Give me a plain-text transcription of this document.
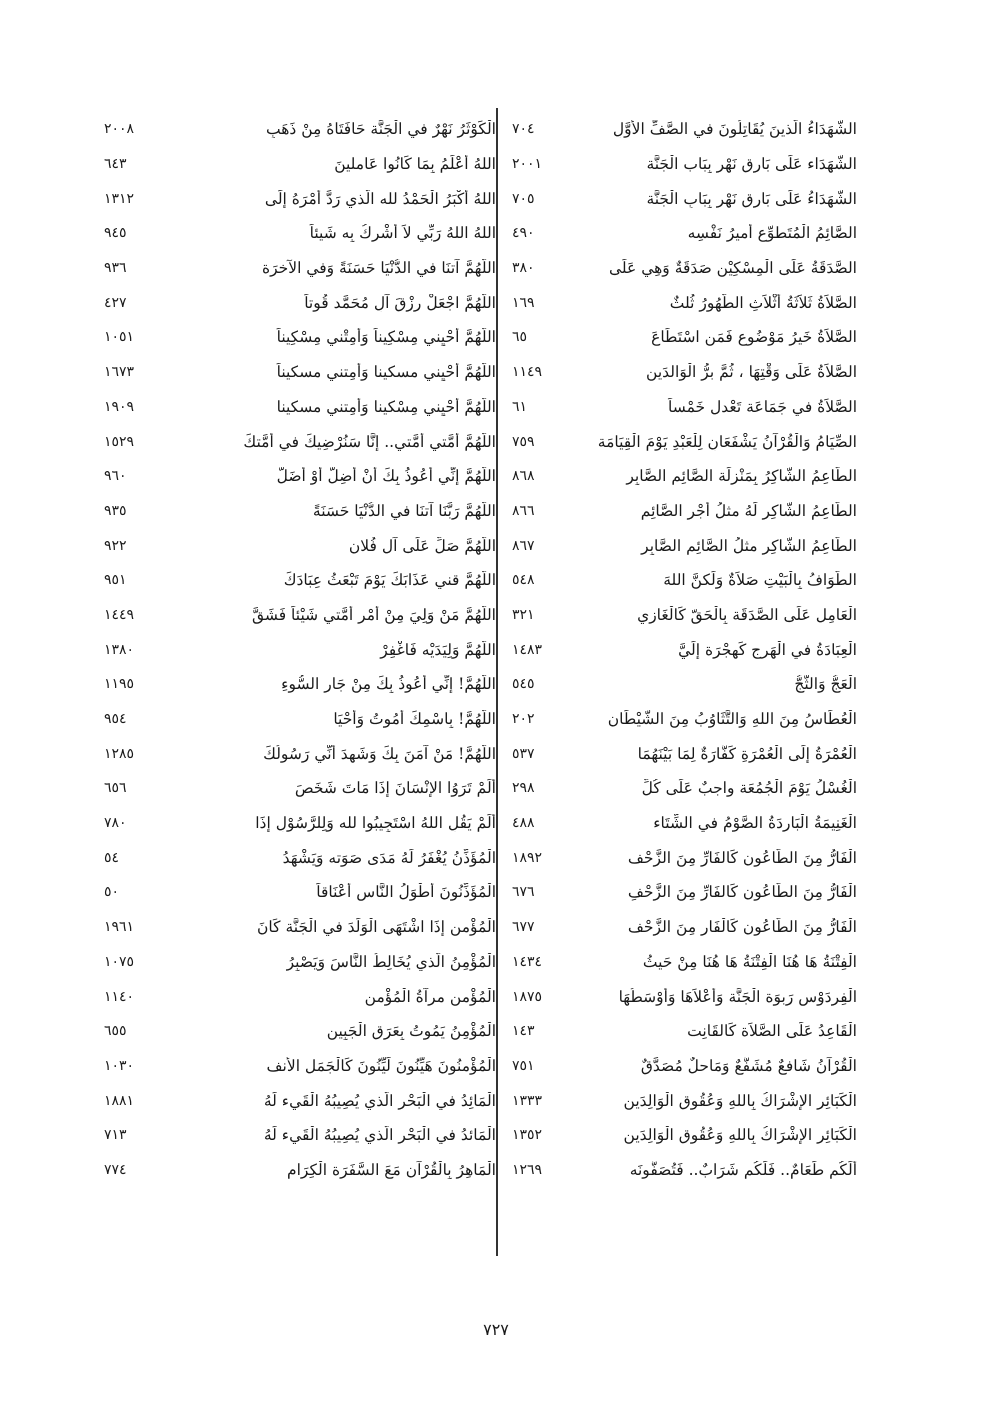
الشُّهَدَاءُ الَّذينَ يُقَاتِلُونَ في الصَّفِّ الأوَّلِ
٧٠٤
الشُّهَدَاء عَلَى بَارِق نَهْر بِبَاب الْجَنَّة
٢٠٠١
الشُّهَدَاءُ عَلَى بَارِق نَهْر بِبَابِ الْجَنَّة
٧٠٥
الصَّائِمُ الْمُتَطوِّعِ أَميرُ نَفْسِه
٤٩٠
الصَّدَقَةُ عَلَى الْمِسْكِيْنِ صَدَقَةٌ وَهِي عَلَى
٣٨٠
الصَّلاَةُ ثَلاَثَةُ أَثْلاَثِ الطُّهُورُ ثُلثٌ
١٦٩
الصَّلاَةُ خَيرُ مَوْضُوعٍ فَمَنِ اسْتَطَاعَ
٦٥
الصَّلاَةُ عَلَى وَقْتِهَا ، ثُمَّ برُّ الْوَالدَين
١١٤٩
الصَّلاَةُ في جَمَاعَة تَعْدل خَمْساً
٦١
الصِّيَامُ وَالْقُرْآنُ يَشْفَعَانِ لِلْعَبْدِ يَوْمَ الْقِيَامَة
٧٥٩
الطَّاعِمُ الشَّاكِرُ بِمَنْزِلَة الصَّائِم الصَّابِرِ
٨٦٨
الطَّاعِمُ الشَّاكِر لَهُ مثلُ أَجْر الصَّائِم
٨٦٦
الطَّاعِمُ الشَّاكِر مثلُ الصَّائِم الصَّابِر
٨٦٧
الطَّوَافُ بِالْبَيْتِ صَلاَةٌ وَلَكنَّ اللهَ
٥٤٨
الْعَامِل عَلَى الصَّدَقَة بِالْحَقّ كَالْغَازِي
٣٢١
الْعِبَادَةُ في الْهَرجِ كَهِجْرَة إِلَيَّ
١٤٨٣
الْعَجُّ وَالثَّجُّ
٥٤٥
الْعُطَاسُ مِنَ اللهِ وَالتَّثَاوُبُ مِنَ الشَّيْطَان
٢٠٢
الْعُمْرَةُ إِلَى الْعُمْرَةِ كَفَّارَةٌ لِمَا بَيْنَهُمَا
٥٣٧
الْغُسْلُ يَوْمَ الْجُمُعَة واجبٌ عَلَى كُلِّ
٢٩٨
الْغَنِيمَةُ الْبَارِدَةُ الصَّوْمُ في الشِّتَاء
٤٨٨
الْفَارُّ مِنَ الطَّاعُون كَالفَارِّ مِنَ الزَّحْف
١٨٩٢
الْفَارُّ مِنَ الطَّاعُون كَالفَارِّ مِنَ الزَّحْفِ
٦٧٦
الْفَارُّ مِنَ الطَّاعُون كَالْفَار مِنَ الزَّحْف
٦٧٧
الْفِتْنَةُ هَا هُنَا الْفِتْنَةُ هَا هُنَا مِنْ حَيثُ
١٤٣٤
الْفِردَوْس رَبوَة الْجَنَّة وَأَعْلاَهَا وَأَوْسَطُهَا
١٨٧٥
الْقَاعِدُ عَلَى الصَّلاَة كَالقَانِت
١٤٣
الْقُرْآنُ شَافعٌ مُشَفَّعٌ وَمَاحلٌ مُصَدَّقٌ
٧٥١
الْكَبَائِر الإِشْرَاكُ بِاللهِ وَعُقُوق الْوَالِدَين
١٣٣٣
الْكَبَائِر الإِشْرَاكُ بِاللهِ وَعُقُوق الْوَالِدَين
١٣٥٢
أَلَكُم طَعَامٌ.. فَلَكُم شَرَابٌ.. فَتُصَفُّونَه
١٢٦٩
الْكَوْثَرُ نَهْرٌ في الْجَنَّة حَافَتَاهُ مِنْ ذَهَبٍ
٢٠٠٨
اللهُ أَعْلَمُ بِمَا كَانُوا عَاملينَ
٦٤٣
اللهُ أَكْبَرُ الْحَمْدُ لله الَّذي رَدَّ أَمْرَهُ إِلَى
١٣١٢
اللهُ اللهُ رَبِّي لاَ أُشْرِكُ بِه شَيئاً
٩٤٥
اللَّهُمَّ آتنَا في الدُّنْيَا حَسَنَةً وَفي الآخرَة
٩٣٦
اللَّهُمَّ اجْعَلْ رِزْقَ آلِ مُحَمَّد قُوتاً
٤٢٧
اللَّهُمَّ أَحْيِني مِسْكِيناً وَأَمِتْني مِسْكِيناً
١٠٥١
اللَّهُمَّ أَحْيِني مسكينا وَأَمِتني مسكيناً
١٦٧٣
اللَّهُمَّ أَحْيِني مِسْكينا وَأَمِتني مسكينا
١٩٠٩
اللَّهُمَّ أُمَّتي أُمَّتي.. إنَّا سَنُرْضِيكَ في أُمَّتكَ
١٥٢٩
اللَّهُمَّ إِنِّي أَعُوذُ بِكَ أَنْ أَضِلَّ أَوْ أُضَلَّ
٩٦٠
اللَّهُمَّ رَبَّنَا آتنَا في الدُّنْيَا حَسَنَةً
٩٣٥
اللَّهُمَّ صَلِّ عَلَى آل فُلان
٩٢٢
اللَّهُمَّ قني عَذَابَكَ يَوْمَ تَبْعَثُ عِبَادَكَ
٩٥١
اللَّهُمَّ مَنْ وَلِيَ مِنْ أَمْرِ أُمَّتي شَيْئاً فَشَقَّ
١٤٤٩
اللَّهُمَّ وَلِيَدَيْه فَاغْفِرْ
١٣٨٠
اللَّهُمَّ! إِنِّي أَعُوذُ بِكَ مِنْ جَارِ السُّوءِ
١١٩٥
اللَّهُمَّ! بِاسْمِكَ أَمُوتُ وَأَحْيَا
٩٥٤
اللَّهُمَّ! مَنْ آمَنَ بِكَ وَشَهِدَ أَنِّي رَسُولُكَ
١٢٨٥
أَلَمْ تَرَوُا الإِنْسَانَ إِذَا مَاتَ شَخَصَ
٦٥٦
أَلَمْ يَقُلِ اللهُ اسْتَجِيبُوا لله وَلِلرَّسُوْلِ إذَا
٧٨٠
الْمُؤَذِّنُ يُغْفَرُ لَهُ مَدَى صَوَته وَيَشْهَدُ
٥٤
الْمُؤَذِّنُونَ أَطْوَلُ النَّاسِ أَعْنَاقاً
٥٠
الْمُؤْمن إذَا اشْتَهَى الْوَلَدَ في الْجَنَّة كَانَ
١٩٦١
الْمُؤْمِنُ الَّذي يُخَالِطُ النَّاسَ وَيَصْبِرُ
١٠٧٥
الْمُؤْمن مرآةُ الْمُؤْمن
١١٤٠
الْمُؤْمِنُ يَمُوتُ بِعَرَق الْجَبِين
٦٥٥
الْمُؤْمنُونَ هَيِّنُونَ لَيِّنُونَ كَالْجَمَل الأَنف
١٠٣٠
الْمَائِدُ في الْبَحْرِ الَّذي يُصِيبُهُ الْقَيء لَهُ
١٨٨١
الْمَائدُ في الْبَحْرِ الَّذي يُصِيبُهُ الْقَيء لَهُ
٧١٣
الْمَاهِرُ بِالْقُرْآن مَعَ السَّفَرَة الْكِرَام
٧٧٤
٧٢٧
